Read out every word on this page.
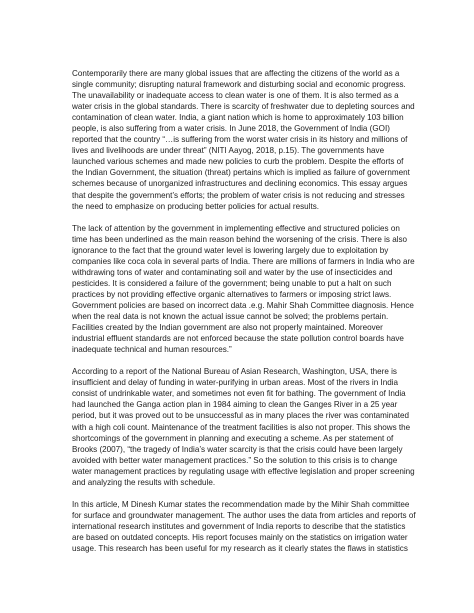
Contemporarily there are many global issues that are affecting the citizens of the world as a
single community; disrupting natural framework and disturbing social and economic progress.
The unavailability or inadequate access to clean water is one of them. It is also termed as a
water crisis in the global standards. There is scarcity of freshwater due to depleting sources and
contamination of clean water. India, a giant nation which is home to approximately 103 billion
people, is also suffering from a water crisis. In June 2018, the Government of India (GOI)
reported that the country “…is suffering from the worst water crisis in its history and millions of
lives and livelihoods are under threat” (NITI Aayog, 2018, p.15). The governments have
launched various schemes and made new policies to curb the problem. Despite the efforts of
the Indian Government, the situation (threat) pertains which is implied as failure of government
schemes because of unorganized infrastructures and declining economics. This essay argues
that despite the government’s efforts; the problem of water crisis is not reducing and stresses
the need to emphasize on producing better policies for actual results.
The lack of attention by the government in implementing effective and structured policies on
time has been underlined as the main reason behind the worsening of the crisis. There is also
ignorance to the fact that the ground water level is lowering largely due to exploitation by
companies like coca cola in several parts of India. There are millions of farmers in India who are
withdrawing tons of water and contaminating soil and water by the use of insecticides and
pesticides. It is considered a failure of the government; being unable to put a halt on such
practices by not providing effective organic alternatives to farmers or imposing strict laws.
Government policies are based on incorrect data .e.g. Mahir Shah Committee diagnosis. Hence
when the real data is not known the actual issue cannot be solved; the problems pertain.
Facilities created by the Indian government are also not properly maintained. Moreover
industrial effluent standards are not enforced because the state pollution control boards have
inadequate technical and human resources.”
According to a report of the National Bureau of Asian Research, Washington, USA, there is
insufficient and delay of funding in water-purifying in urban areas. Most of the rivers in India
consist of undrinkable water, and sometimes not even fit for bathing. The government of India
had launched the Ganga action plan in 1984 aiming to clean the Ganges River in a 25 year
period, but it was proved out to be unsuccessful as in many places the river was contaminated
with a high coli count. Maintenance of the treatment facilities is also not proper. This shows the
shortcomings of the government in planning and executing a scheme. As per statement of
Brooks (2007), “the tragedy of India’s water scarcity is that the crisis could have been largely
avoided with better water management practices.” So the solution to this crisis is to change
water management practices by regulating usage with effective legislation and proper screening
and analyzing the results with schedule.
In this article, M Dinesh Kumar states the recommendation made by the Mihir Shah committee
for surface and groundwater management. The author uses the data from articles and reports of
international research institutes and government of India reports to describe that the statistics
are based on outdated concepts. His report focuses mainly on the statistics on irrigation water
usage. This research has been useful for my research as it clearly states the flaws in statistics
